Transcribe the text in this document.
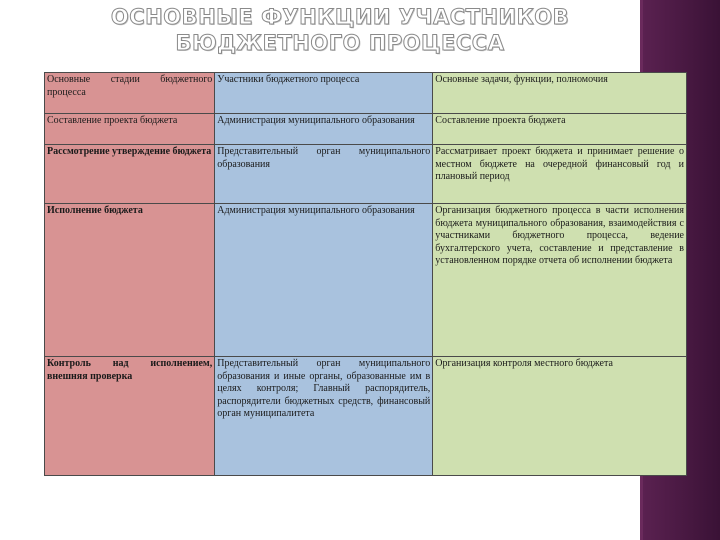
ОСНОВНЫЕ ФУНКЦИИ УЧАСТНИКОВ БЮДЖЕТНОГО ПРОЦЕССА
Основные стадии бюджетного процесса	Участники бюджетного процесса	Основные задачи, функции, полномочия
Составление проекта бюджета	Администрация муниципального образования	Составление проекта бюджета
Рассмотрение утверждение бюджета	Представительный орган муниципального образования	Рассматривает проект бюджета и принимает решение о местном бюджете на очередной финансовый год и плановый период
Исполнение бюджета	Администрация муниципального образования	Организация бюджетного процесса в части исполнения бюджета муниципального образования, взаимодействия с участниками бюджетного процесса, ведение бухгалтерского учета, составление и представление в установленном порядке отчета об исполнении бюджета
Контроль над исполнением, внешняя проверка	Представительный орган муниципального образования и иные органы, образованные им в целях контроля; Главный распорядитель, распорядители бюджетных средств, финансовый орган муниципалитета	Организация контроля местного бюджета
